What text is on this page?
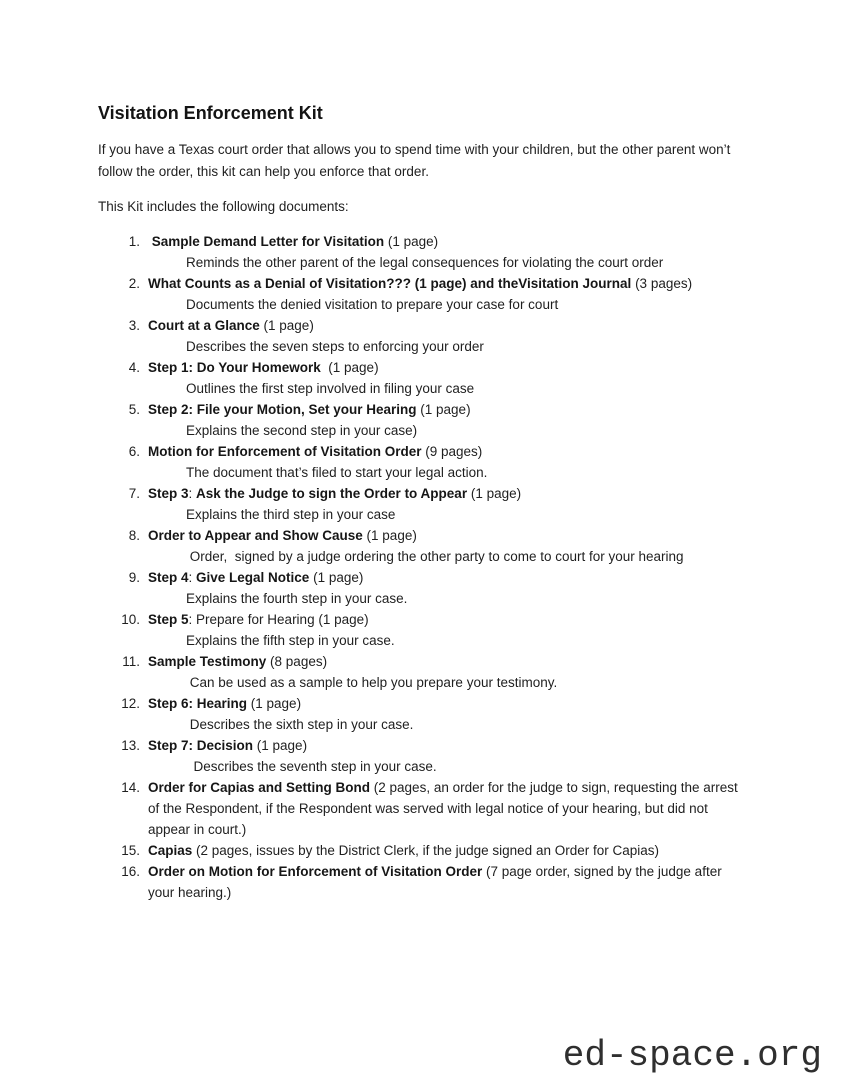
Visitation Enforcement Kit

If you have a Texas court order that allows you to spend time with your children, but the other parent won’t follow the order, this kit can help you enforce that order.

This Kit includes the following documents:

1. Sample Demand Letter for Visitation (1 page)
Reminds the other parent of the legal consequences for violating the court order
2. What Counts as a Denial of Visitation??? (1 page) and theVisitation Journal (3 pages)
Documents the denied visitation to prepare your case for court
3. Court at a Glance (1 page)
Describes the seven steps to enforcing your order
4. Step 1: Do Your Homework  (1 page)
Outlines the first step involved in filing your case
5. Step 2: File your Motion, Set your Hearing (1 page)
Explains the second step in your case)
6. Motion for Enforcement of Visitation Order (9 pages)
The document that’s filed to start your legal action.
7. Step 3: Ask the Judge to sign the Order to Appear (1 page)
Explains the third step in your case
8. Order to Appear and Show Cause (1 page)
Order,  signed by a judge ordering the other party to come to court for your hearing
9. Step 4: Give Legal Notice (1 page)
Explains the fourth step in your case.
10. Step 5: Prepare for Hearing (1 page)
Explains the fifth step in your case.
11. Sample Testimony (8 pages)
Can be used as a sample to help you prepare your testimony.
12. Step 6: Hearing (1 page)
Describes the sixth step in your case.
13. Step 7: Decision (1 page)
Describes the seventh step in your case.
14. Order for Capias and Setting Bond (2 pages, an order for the judge to sign, requesting the arrest of the Respondent, if the Respondent was served with legal notice of your hearing, but did not appear in court.)
15. Capias (2 pages, issues by the District Clerk, if the judge signed an Order for Capias)
16. Order on Motion for Enforcement of Visitation Order (7 page order, signed by the judge after your hearing.)
ed-space.org
